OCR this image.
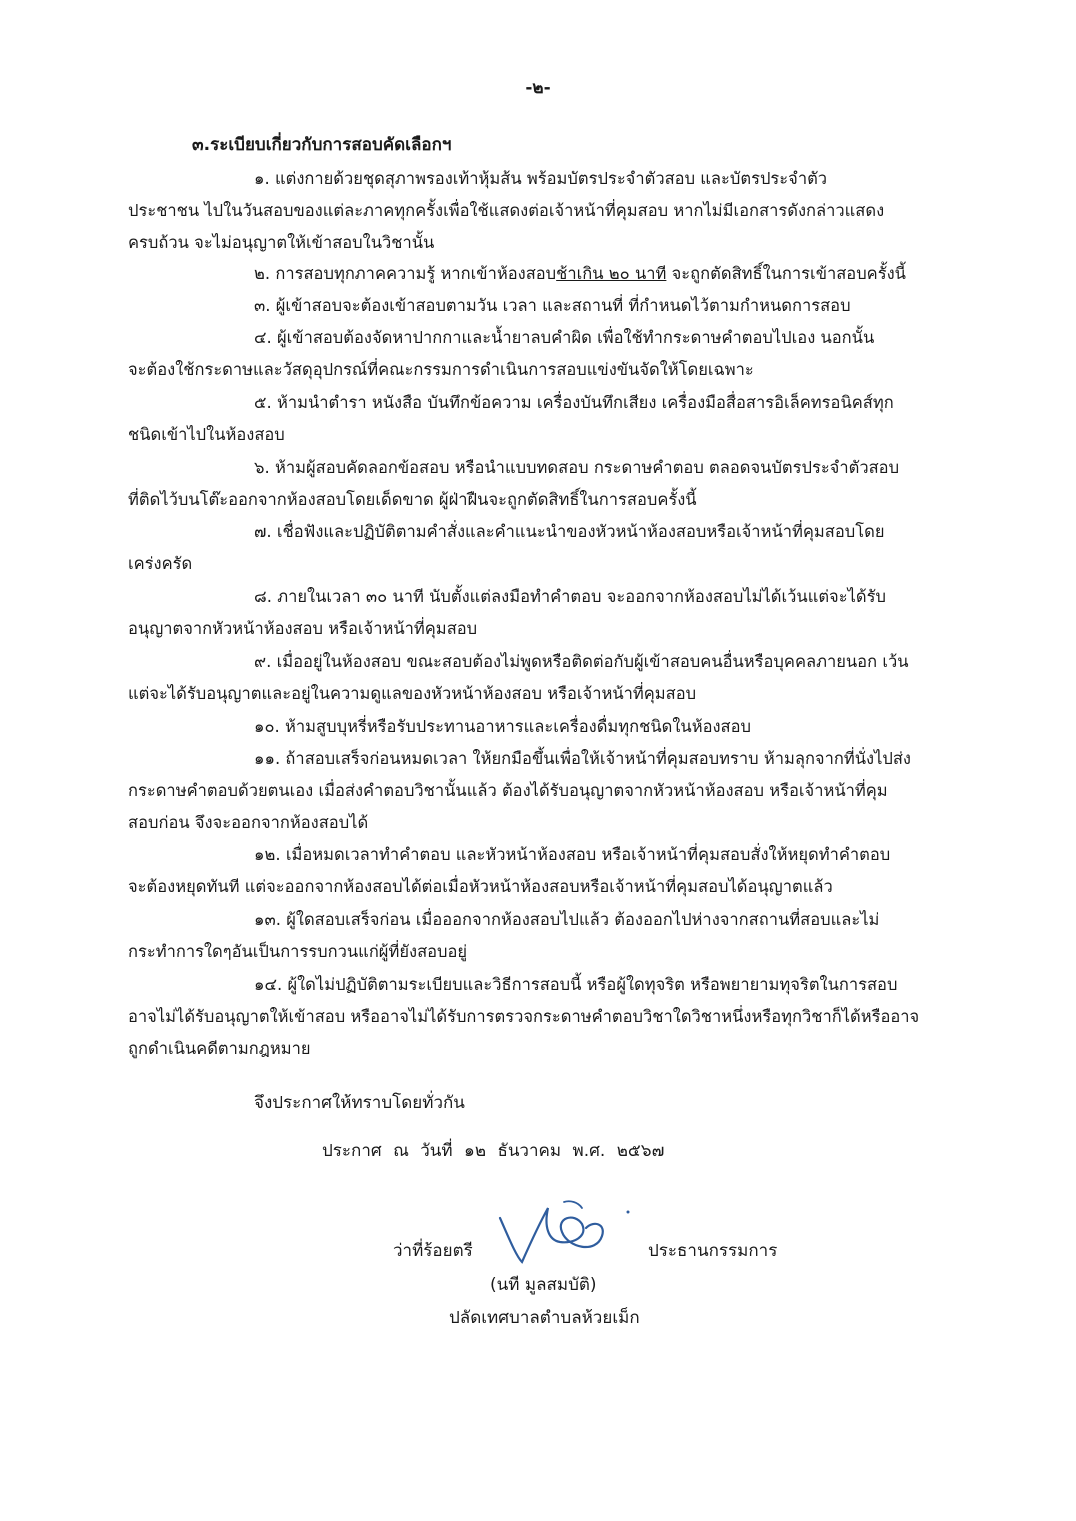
-๒-
๓.ระเบียบเกี่ยวกับการสอบคัดเลือกฯ
๑. แต่งกายด้วยชุดสุภาพรองเท้าหุ้มส้น พร้อมบัตรประจำตัวสอบ และบัตรประจำตัว
ประชาชน ไปในวันสอบของแต่ละภาคทุกครั้งเพื่อใช้แสดงต่อเจ้าหน้าที่คุมสอบ หากไม่มีเอกสารดังกล่าวแสดง
ครบถ้วน จะไม่อนุญาตให้เข้าสอบในวิชานั้น
๒. การสอบทุกภาคความรู้ หากเข้าห้องสอบช้าเกิน ๒๐ นาที จะถูกตัดสิทธิ์ในการเข้าสอบครั้งนี้
๓. ผู้เข้าสอบจะต้องเข้าสอบตามวัน เวลา และสถานที่ ที่กำหนดไว้ตามกำหนดการสอบ
๔. ผู้เข้าสอบต้องจัดหาปากกาและน้ำยาลบคำผิด เพื่อใช้ทำกระดาษคำตอบไปเอง นอกนั้น
จะต้องใช้กระดาษและวัสดุอุปกรณ์ที่คณะกรรมการดำเนินการสอบแข่งขันจัดให้โดยเฉพาะ
๕. ห้ามนำตำรา หนังสือ บันทึกข้อความ เครื่องบันทึกเสียง เครื่องมือสื่อสารอิเล็คทรอนิคส์ทุก
ชนิดเข้าไปในห้องสอบ
๖. ห้ามผู้สอบคัดลอกข้อสอบ หรือนำแบบทดสอบ กระดาษคำตอบ ตลอดจนบัตรประจำตัวสอบ
ที่ติดไว้บนโต๊ะออกจากห้องสอบโดยเด็ดขาด ผู้ฝ่าฝืนจะถูกตัดสิทธิ์ในการสอบครั้งนี้
๗. เชื่อฟังและปฏิบัติตามคำสั่งและคำแนะนำของหัวหน้าห้องสอบหรือเจ้าหน้าที่คุมสอบโดย
เคร่งครัด
๘. ภายในเวลา ๓๐ นาที นับตั้งแต่ลงมือทำคำตอบ จะออกจากห้องสอบไม่ได้เว้นแต่จะได้รับ
อนุญาตจากหัวหน้าห้องสอบ หรือเจ้าหน้าที่คุมสอบ
๙. เมื่ออยู่ในห้องสอบ ขณะสอบต้องไม่พูดหรือติดต่อกับผู้เข้าสอบคนอื่นหรือบุคคลภายนอก เว้น
แต่จะได้รับอนุญาตและอยู่ในความดูแลของหัวหน้าห้องสอบ หรือเจ้าหน้าที่คุมสอบ
๑๐. ห้ามสูบบุหรี่หรือรับประทานอาหารและเครื่องดื่มทุกชนิดในห้องสอบ
๑๑. ถ้าสอบเสร็จก่อนหมดเวลา ให้ยกมือขึ้นเพื่อให้เจ้าหน้าที่คุมสอบทราบ ห้ามลุกจากที่นั่งไปส่ง
กระดาษคำตอบด้วยตนเอง เมื่อส่งคำตอบวิชานั้นแล้ว ต้องได้รับอนุญาตจากหัวหน้าห้องสอบ หรือเจ้าหน้าที่คุม
สอบก่อน จึงจะออกจากห้องสอบได้
๑๒. เมื่อหมดเวลาทำคำตอบ และหัวหน้าห้องสอบ หรือเจ้าหน้าที่คุมสอบสั่งให้หยุดทำคำตอบ
จะต้องหยุดทันที แต่จะออกจากห้องสอบได้ต่อเมื่อหัวหน้าห้องสอบหรือเจ้าหน้าที่คุมสอบได้อนุญาตแล้ว
๑๓. ผู้ใดสอบเสร็จก่อน เมื่อออกจากห้องสอบไปแล้ว ต้องออกไปห่างจากสถานที่สอบและไม่
กระทำการใดๆอันเป็นการรบกวนแก่ผู้ที่ยังสอบอยู่
๑๔. ผู้ใดไม่ปฏิบัติตามระเบียบและวิธีการสอบนี้ หรือผู้ใดทุจริต หรือพยายามทุจริตในการสอบ
อาจไม่ได้รับอนุญาตให้เข้าสอบ หรืออาจไม่ได้รับการตรวจกระดาษคำตอบวิชาใดวิชาหนึ่งหรือทุกวิชาก็ได้หรืออาจ
ถูกดำเนินคดีตามกฎหมาย
จึงประกาศให้ทราบโดยทั่วกัน
ประกาศ ณ วันที่ ๑๒ ธันวาคม พ.ศ. ๒๕๖๗
ว่าที่ร้อยตรี	ประธานกรรมการ
(นที มูลสมบัติ)
ปลัดเทศบาลตำบลห้วยเม็ก
